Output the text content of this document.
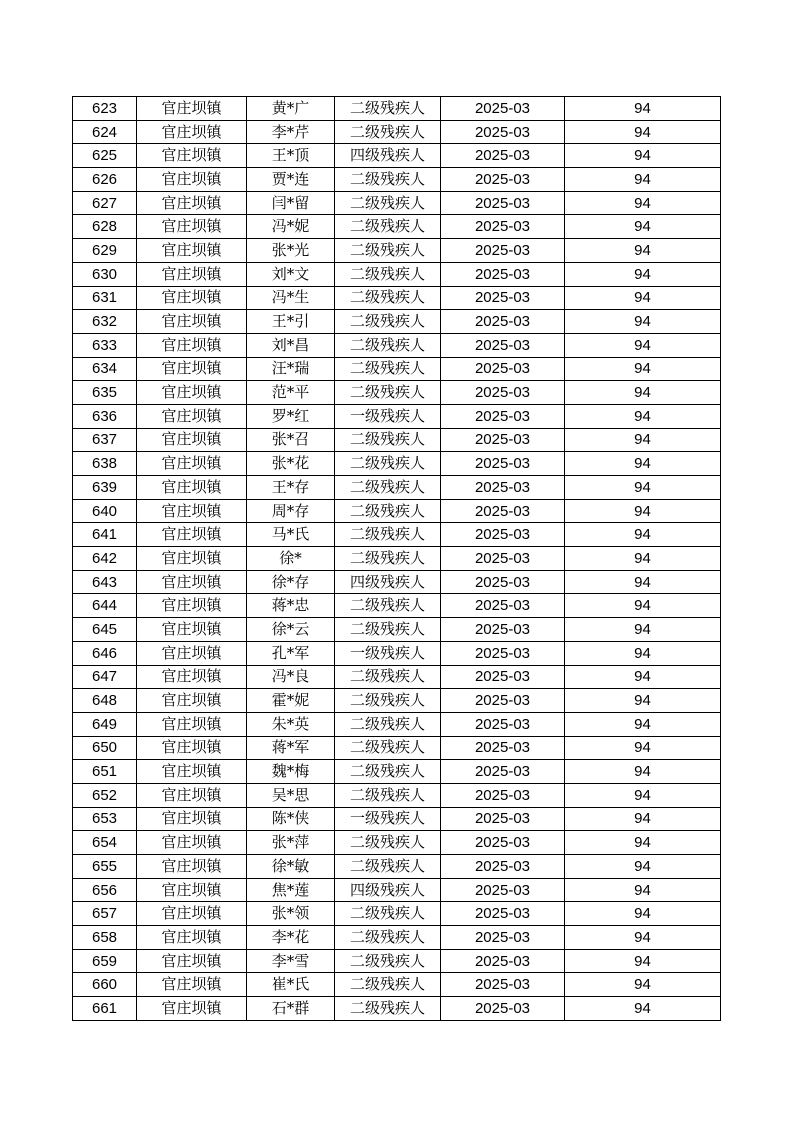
623	官庄坝镇	黄*广	二级残疾人	2025-03	94
624	官庄坝镇	李*芹	二级残疾人	2025-03	94
625	官庄坝镇	王*顶	四级残疾人	2025-03	94
626	官庄坝镇	贾*连	二级残疾人	2025-03	94
627	官庄坝镇	闫*留	二级残疾人	2025-03	94
628	官庄坝镇	冯*妮	二级残疾人	2025-03	94
629	官庄坝镇	张*光	二级残疾人	2025-03	94
630	官庄坝镇	刘*文	二级残疾人	2025-03	94
631	官庄坝镇	冯*生	二级残疾人	2025-03	94
632	官庄坝镇	王*引	二级残疾人	2025-03	94
633	官庄坝镇	刘*昌	二级残疾人	2025-03	94
634	官庄坝镇	汪*瑞	二级残疾人	2025-03	94
635	官庄坝镇	范*平	二级残疾人	2025-03	94
636	官庄坝镇	罗*红	一级残疾人	2025-03	94
637	官庄坝镇	张*召	二级残疾人	2025-03	94
638	官庄坝镇	张*花	二级残疾人	2025-03	94
639	官庄坝镇	王*存	二级残疾人	2025-03	94
640	官庄坝镇	周*存	二级残疾人	2025-03	94
641	官庄坝镇	马*氏	二级残疾人	2025-03	94
642	官庄坝镇	徐*	二级残疾人	2025-03	94
643	官庄坝镇	徐*存	四级残疾人	2025-03	94
644	官庄坝镇	蒋*忠	二级残疾人	2025-03	94
645	官庄坝镇	徐*云	二级残疾人	2025-03	94
646	官庄坝镇	孔*军	一级残疾人	2025-03	94
647	官庄坝镇	冯*良	二级残疾人	2025-03	94
648	官庄坝镇	霍*妮	二级残疾人	2025-03	94
649	官庄坝镇	朱*英	二级残疾人	2025-03	94
650	官庄坝镇	蒋*军	二级残疾人	2025-03	94
651	官庄坝镇	魏*梅	二级残疾人	2025-03	94
652	官庄坝镇	吴*思	二级残疾人	2025-03	94
653	官庄坝镇	陈*侠	一级残疾人	2025-03	94
654	官庄坝镇	张*萍	二级残疾人	2025-03	94
655	官庄坝镇	徐*敏	二级残疾人	2025-03	94
656	官庄坝镇	焦*莲	四级残疾人	2025-03	94
657	官庄坝镇	张*领	二级残疾人	2025-03	94
658	官庄坝镇	李*花	二级残疾人	2025-03	94
659	官庄坝镇	李*雪	二级残疾人	2025-03	94
660	官庄坝镇	崔*氏	二级残疾人	2025-03	94
661	官庄坝镇	石*群	二级残疾人	2025-03	94
